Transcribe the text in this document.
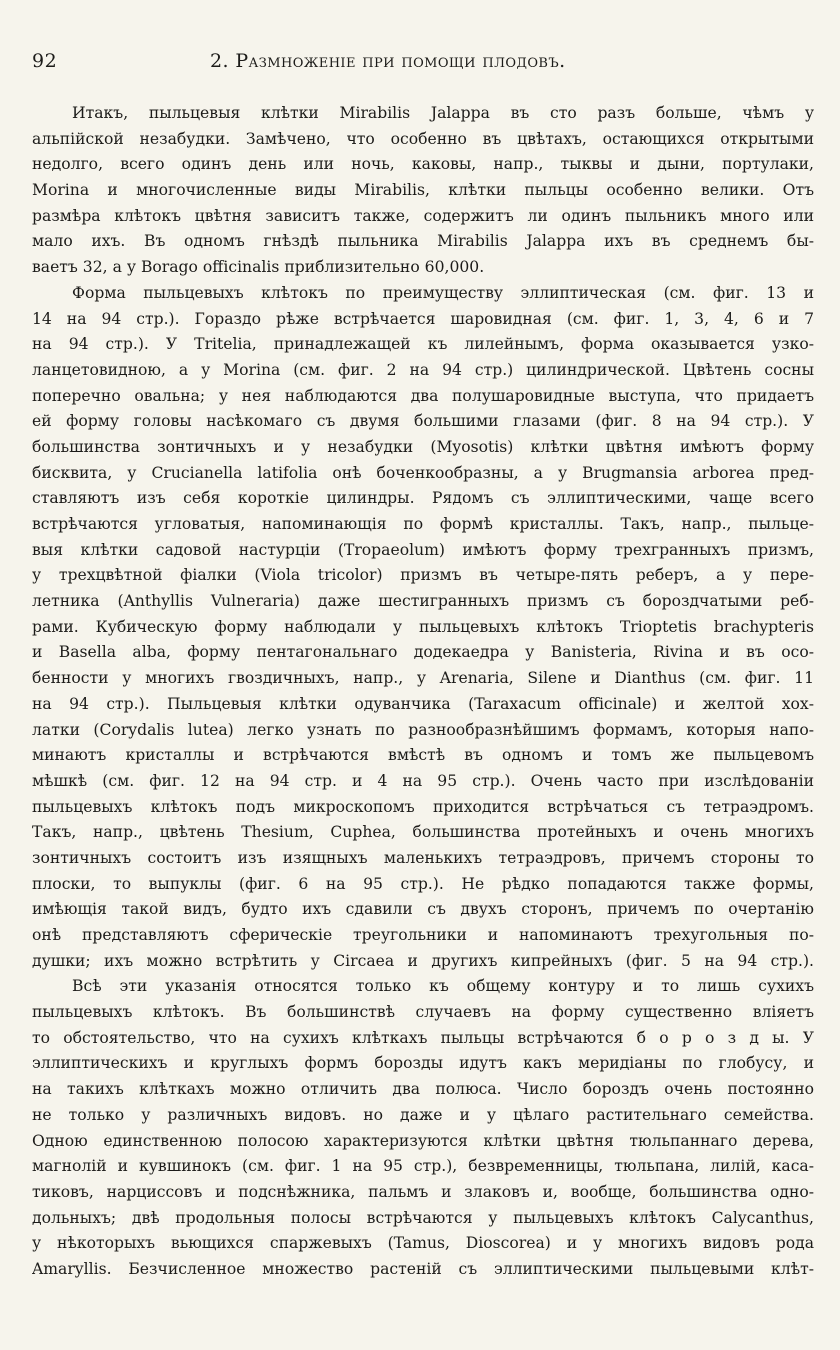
92	2. Размноженіе при помощи плодовъ.
Итакъ, пыльцевыя клѣтки Mirabilis Jalappa въ сто разъ больше, чѣмъ у
альпійской незабудки. Замѣчено, что особенно въ цвѣтахъ, остающихся открытыми
недолго, всего одинъ день или ночь, каковы, напр., тыквы и дыни, портулаки,
Morina и многочисленные виды Mirabilis, клѣтки пыльцы особенно велики. Отъ
размѣра клѣтокъ цвѣтня зависитъ также, содержитъ ли одинъ пыльникъ много или
мало ихъ. Въ одномъ гнѣздѣ пыльника Mirabilis Jalappa ихъ въ среднемъ бы-
ваетъ 32, а у Borago officinalis приблизительно 60,000.
Форма пыльцевыхъ клѣтокъ по преимуществу эллиптическая (см. фиг. 13 и
14 на 94 стр.). Гораздо рѣже встрѣчается шаровидная (см. фиг. 1, 3, 4, 6 и 7
на 94 стр.). У Tritelia, принадлежащей къ лилейнымъ, форма оказывается узко-
ланцетовидною, а у Morina (см. фиг. 2 на 94 стр.) цилиндрической. Цвѣтень сосны
поперечно овальна; у нея наблюдаются два полушаровидные выступа, что придаетъ
ей форму головы насѣкомаго съ двумя большими глазами (фиг. 8 на 94 стр.). У
большинства зонтичныхъ и у незабудки (Myosotis) клѣтки цвѣтня имѣютъ форму
бисквита, у Crucianella latifolia онѣ боченкообразны, а у Brugmansia arborea пред-
ставляютъ изъ себя короткіе цилиндры. Рядомъ съ эллиптическими, чаще всего
встрѣчаются угловатыя, напоминающія по формѣ кристаллы. Такъ, напр., пыльце-
выя клѣтки садовой настурціи (Tropaeolum) имѣютъ форму трехгранныхъ призмъ,
у трехцвѣтной фіалки (Viola tricolor) призмъ въ четыре-пять реберъ, а у пере-
летника (Anthyllis Vulneraria) даже шестигранныхъ призмъ съ бороздчатыми реб-
рами. Кубическую форму наблюдали у пыльцевыхъ клѣтокъ Trioptetis brachypteris
и Basella alba, форму пентагональнаго додекаедра у Banisteria, Rivina и въ осо-
бенности у многихъ гвоздичныхъ, напр., у Arenaria, Silene и Dianthus (см. фиг. 11
на 94 стр.). Пыльцевыя клѣтки одуванчика (Taraxacum officinale) и желтой хох-
латки (Corydalis lutea) легко узнать по разнообразнѣйшимъ формамъ, которыя напо-
минаютъ кристаллы и встрѣчаются вмѣстѣ въ одномъ и томъ же пыльцевомъ
мѣшкѣ (см. фиг. 12 на 94 стр. и 4 на 95 стр.). Очень часто при изслѣдованіи
пыльцевыхъ клѣтокъ подъ микроскопомъ приходится встрѣчаться съ тетраэдромъ.
Такъ, напр., цвѣтень Thesium, Cuphea, большинства протейныхъ и очень многихъ
зонтичныхъ состоитъ изъ изящныхъ маленькихъ тетраэдровъ, причемъ стороны то
плоски, то выпуклы (фиг. 6 на 95 стр.). Не рѣдко попадаются также формы,
имѣющія такой видъ, будто ихъ сдавили съ двухъ сторонъ, причемъ по очертанію
онѣ представляютъ сферическіе треугольники и напоминаютъ трехугольныя по-
душки; ихъ можно встрѣтить у Circaea и другихъ кипрейныхъ (фиг. 5 на 94 стр.).
Всѣ эти указанія относятся только къ общему контуру и то лишь сухихъ
пыльцевыхъ клѣтокъ. Въ большинствѣ случаевъ на форму существенно вліяетъ
то обстоятельство, что на сухихъ клѣткахъ пыльцы встрѣчаются б о р о з д ы. У
эллиптическихъ и круглыхъ формъ борозды идутъ какъ меридіаны по глобусу, и
на такихъ клѣткахъ можно отличить два полюса. Число бороздъ очень постоянно
не только у различныхъ видовъ. но даже и у цѣлаго растительнаго семейства.
Одною единственною полосою характеризуются клѣтки цвѣтня тюльпаннаго дерева,
магнолій и кувшинокъ (см. фиг. 1 на 95 стр.), безвременницы, тюльпана, лилій, каса-
тиковъ, нарциссовъ и подснѣжника, пальмъ и злаковъ и, вообще, большинства одно-
дольныхъ; двѣ продольныя полосы встрѣчаются у пыльцевыхъ клѣтокъ Calycanthus,
у нѣкоторыхъ вьющихся спаржевыхъ (Tamus, Dioscorea) и у многихъ видовъ рода
Amaryllis. Безчисленное множество растеній съ эллиптическими пыльцевыми клѣт-
